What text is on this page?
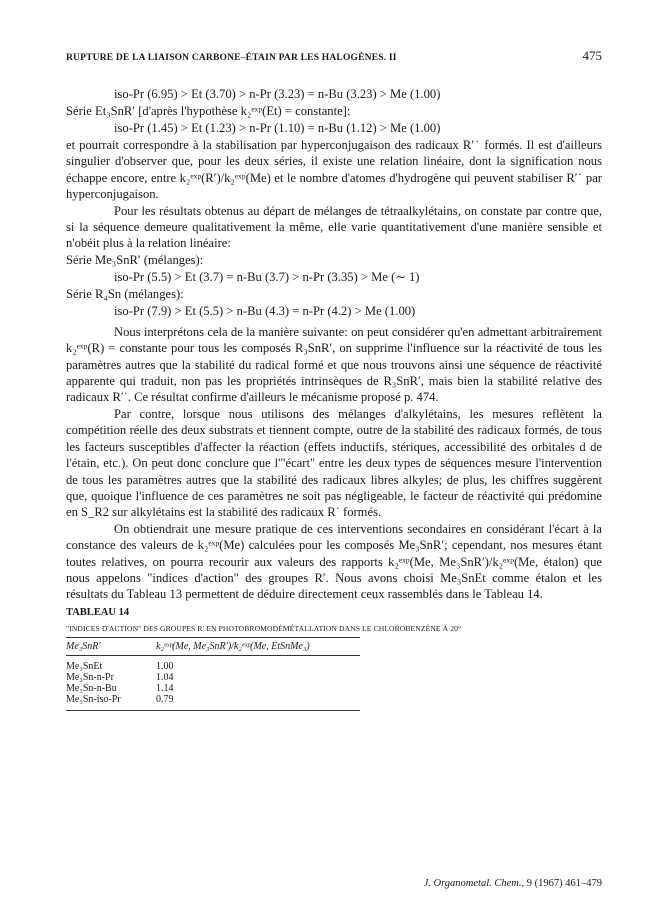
RUPTURE DE LA LIAISON CARBONE–ÉTAIN PAR LES HALOGÈNES. II	475

iso-Pr (6.95) > Et (3.70) > n-Pr (3.23) = n-Bu (3.23) > Me (1.00)

Série Et₃SnR′ [d'après l'hypothèse k₂ᵉˣᵖ(Et) = constante]:

iso-Pr (1.45) > Et (1.23) > n-Pr (1.10) = n-Bu (1.12) > Me (1.00)

et pourrait correspondre à la stabilisation par hyperconjugaison des radicaux R′˙ formés. Il est d'ailleurs singulier d'observer que, pour les deux séries, il existe une relation linéaire, dont la signification nous échappe encore, entre k₂ᵉˣᵖ(R′)/k₂ᵉˣᵖ(Me) et le nombre d'atomes d'hydrogène qui peuvent stabiliser R′˙ par hyperconjugaison.

Pour les résultats obtenus au départ de mélanges de tétraalkylétains, on constate par contre que, si la séquence demeure qualitativement la même, elle varie quantitativement d'une manière sensible et n'obéit plus à la relation linéaire:

Série Me₃SnR′ (mélanges):

iso-Pr (5.5) > Et (3.7) = n-Bu (3.7) > n-Pr (3.35) > Me (∼ 1)

Série R₄Sn (mélanges):

iso-Pr (7.9) > Et (5.5) > n-Bu (4.3) = n-Pr (4.2) > Me (1.00)

Nous interprétons cela de la manière suivante: on peut considérer qu'en admettant arbitrairement k₂ᵉˣᵖ(R) = constante pour tous les composés R₃SnR′, on supprime l'influence sur la réactivité de tous les paramètres autres que la stabilité du radical formé et que nous trouvons ainsi une séquence de réactivité apparente qui traduit, non pas les propriétés intrinsèques de R₃SnR′, mais bien la stabilité relative des radicaux R′˙. Ce résultat confirme d'ailleurs le mécanisme proposé p. 474.

Par contre, lorsque nous utilisons des mélanges d'alkylétains, les mesures reflètent la compétition réelle des deux substrats et tiennent compte, outre de la stabilité des radicaux formés, de tous les facteurs susceptibles d'affecter la réaction (effets inductifs, stériques, accessibilité des orbitales d de l'étain, etc.). On peut donc conclure que l'"écart" entre les deux types de séquences mesure l'intervention de tous les paramètres autres que la stabilité des radicaux libres alkyles; de plus, les chiffres suggèrent que, quoique l'influence de ces paramètres ne soit pas négligeable, le facteur de réactivité qui prédomine en S_R2 sur alkylétains est la stabilité des radicaux R˙ formés.

On obtiendrait une mesure pratique de ces interventions secondaires en considérant l'écart à la constance des valeurs de k₂ᵉˣᵖ(Me) calculées pour les composés Me₃SnR′; cependant, nos mesures étant toutes relatives, on pourra recourir aux valeurs des rapports k₂ᵉˣᵖ(Me, Me₃SnR′)/k₂ᵉˣᵖ(Me, étalon) que nous appelons "indices d'action" des groupes R′. Nous avons choisi Me₃SnEt comme étalon et les résultats du Tableau 13 permettent de déduire directement ceux rassemblés dans le Tableau 14.

TABLEAU 14
"INDICES D'ACTION" DES GROUPES R′ EN PHOTOBROMODÉMÉTALLATION DANS LE CHLOROBENZÈNE À 20°
Me₃SnR′	k₂ᵉˣᵖ(Me, Me₃SnR′)/k₂ᵉˣᵖ(Me, EtSnMe₃)
Me₃SnEt	1.00
Me₃Sn-n-Pr	1.04
Me₃Sn-n-Bu	1.14
Me₃Sn-iso-Pr	0.79
J. Organometal. Chem., 9 (1967) 461–479
